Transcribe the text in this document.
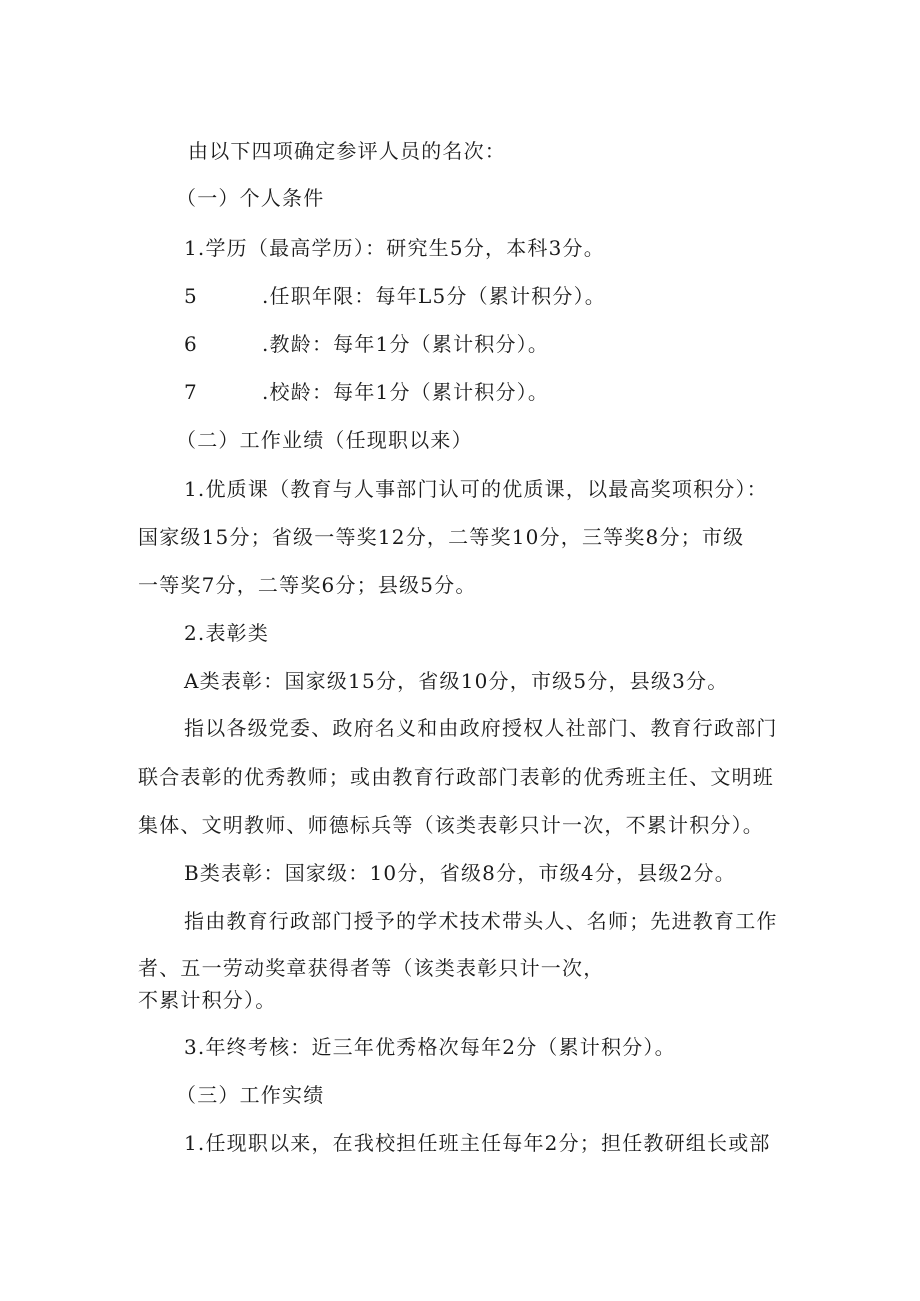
由以下四项确定参评人员的名次：
（一）个人条件
1.学历（最高学历）：研究生5分，本科3分。
5	.任职年限：每年L5分（累计积分）。
6	.教龄：每年1分（累计积分）。
7	.校龄：每年1分（累计积分）。
（二）工作业绩（任现职以来）
1.优质课（教育与人事部门认可的优质课，以最高奖项积分）：
国家级15分；省级一等奖12分，二等奖10分，三等奖8分；市级
一等奖7分，二等奖6分；县级5分。
2.表彰类
A类表彰：国家级15分，省级10分，市级5分，县级3分。
指以各级党委、政府名义和由政府授权人社部门、教育行政部门
联合表彰的优秀教师；或由教育行政部门表彰的优秀班主任、文明班
集体、文明教师、师德标兵等（该类表彰只计一次，不累计积分）。
B类表彰：国家级：10分，省级8分，市级4分，县级2分。
指由教育行政部门授予的学术技术带头人、名师；先进教育工作
者、五一劳动奖章获得者等（该类表彰只计一次，
不累计积分）。
3.年终考核：近三年优秀格次每年2分（累计积分）。
（三）工作实绩
1.任现职以来，在我校担任班主任每年2分；担任教研组长或部
